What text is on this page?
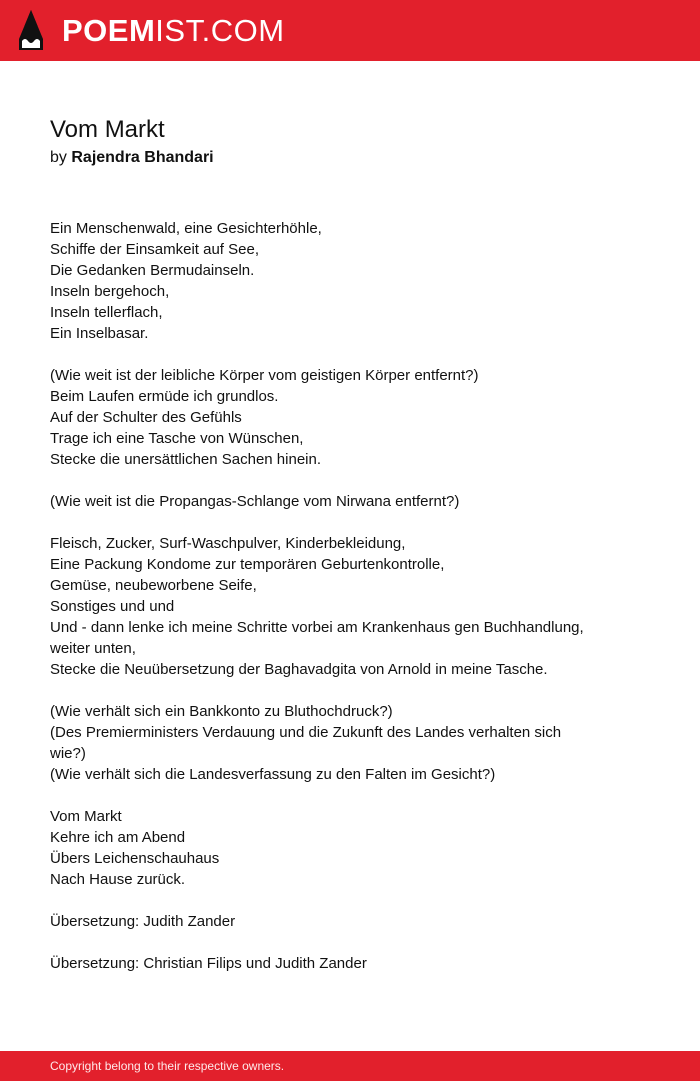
POEMIST.COM
Vom Markt
by Rajendra Bhandari
Ein Menschenwald, eine Gesichterhöhle,
Schiffe der Einsamkeit auf See,
Die Gedanken Bermudainseln.
Inseln bergehoch,
Inseln tellerflach,
Ein Inselbasar.
(Wie weit ist der leibliche Körper vom geistigen Körper entfernt?)
Beim Laufen ermüde ich grundlos.
Auf der Schulter des Gefühls
Trage ich eine Tasche von Wünschen,
Stecke die unersättlichen Sachen hinein.
(Wie weit ist die Propangas-Schlange vom Nirwana entfernt?)
Fleisch, Zucker, Surf-Waschpulver, Kinderbekleidung,
Eine Packung Kondome zur temporären Geburtenkontrolle,
Gemüse, neubeworbene Seife,
Sonstiges und und
Und - dann lenke ich meine Schritte vorbei am Krankenhaus gen Buchhandlung,
weiter unten,
Stecke die Neuübersetzung der Baghavadgita von Arnold in meine Tasche.
(Wie verhält sich ein Bankkonto zu Bluthochdruck?)
(Des Premierministers Verdauung und die Zukunft des Landes verhalten sich
wie?)
(Wie verhält sich die Landesverfassung zu den Falten im Gesicht?)
Vom Markt
Kehre ich am Abend
Übers Leichenschauhaus
Nach Hause zurück.
Übersetzung: Judith Zander
Übersetzung: Christian Filips und Judith Zander
Copyright belong to their respective owners.
